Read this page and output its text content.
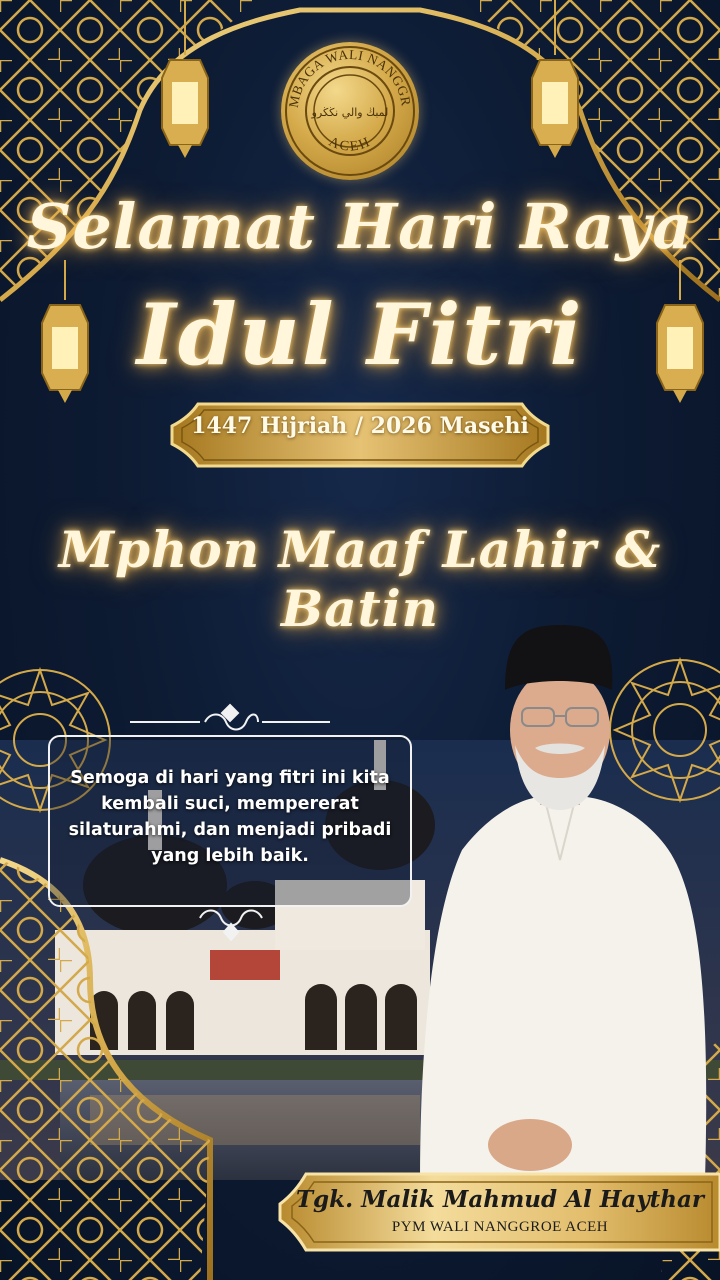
MBAGA WALI NANGGR
ACEH
لمبڬ والي نڬڬرو
Selamat Hari Raya
Idul Fitri
1447 Hijriah / 2026 Masehi
Mphon Maaf Lahir & Batin

Semoga di hari yang fitri ini kita
kembali suci, mempererat
silaturahmi, dan menjadi pribadi
yang lebih baik.

Tgk. Malik Mahmud Al Haythar
PYM WALI NANGGROE ACEH
